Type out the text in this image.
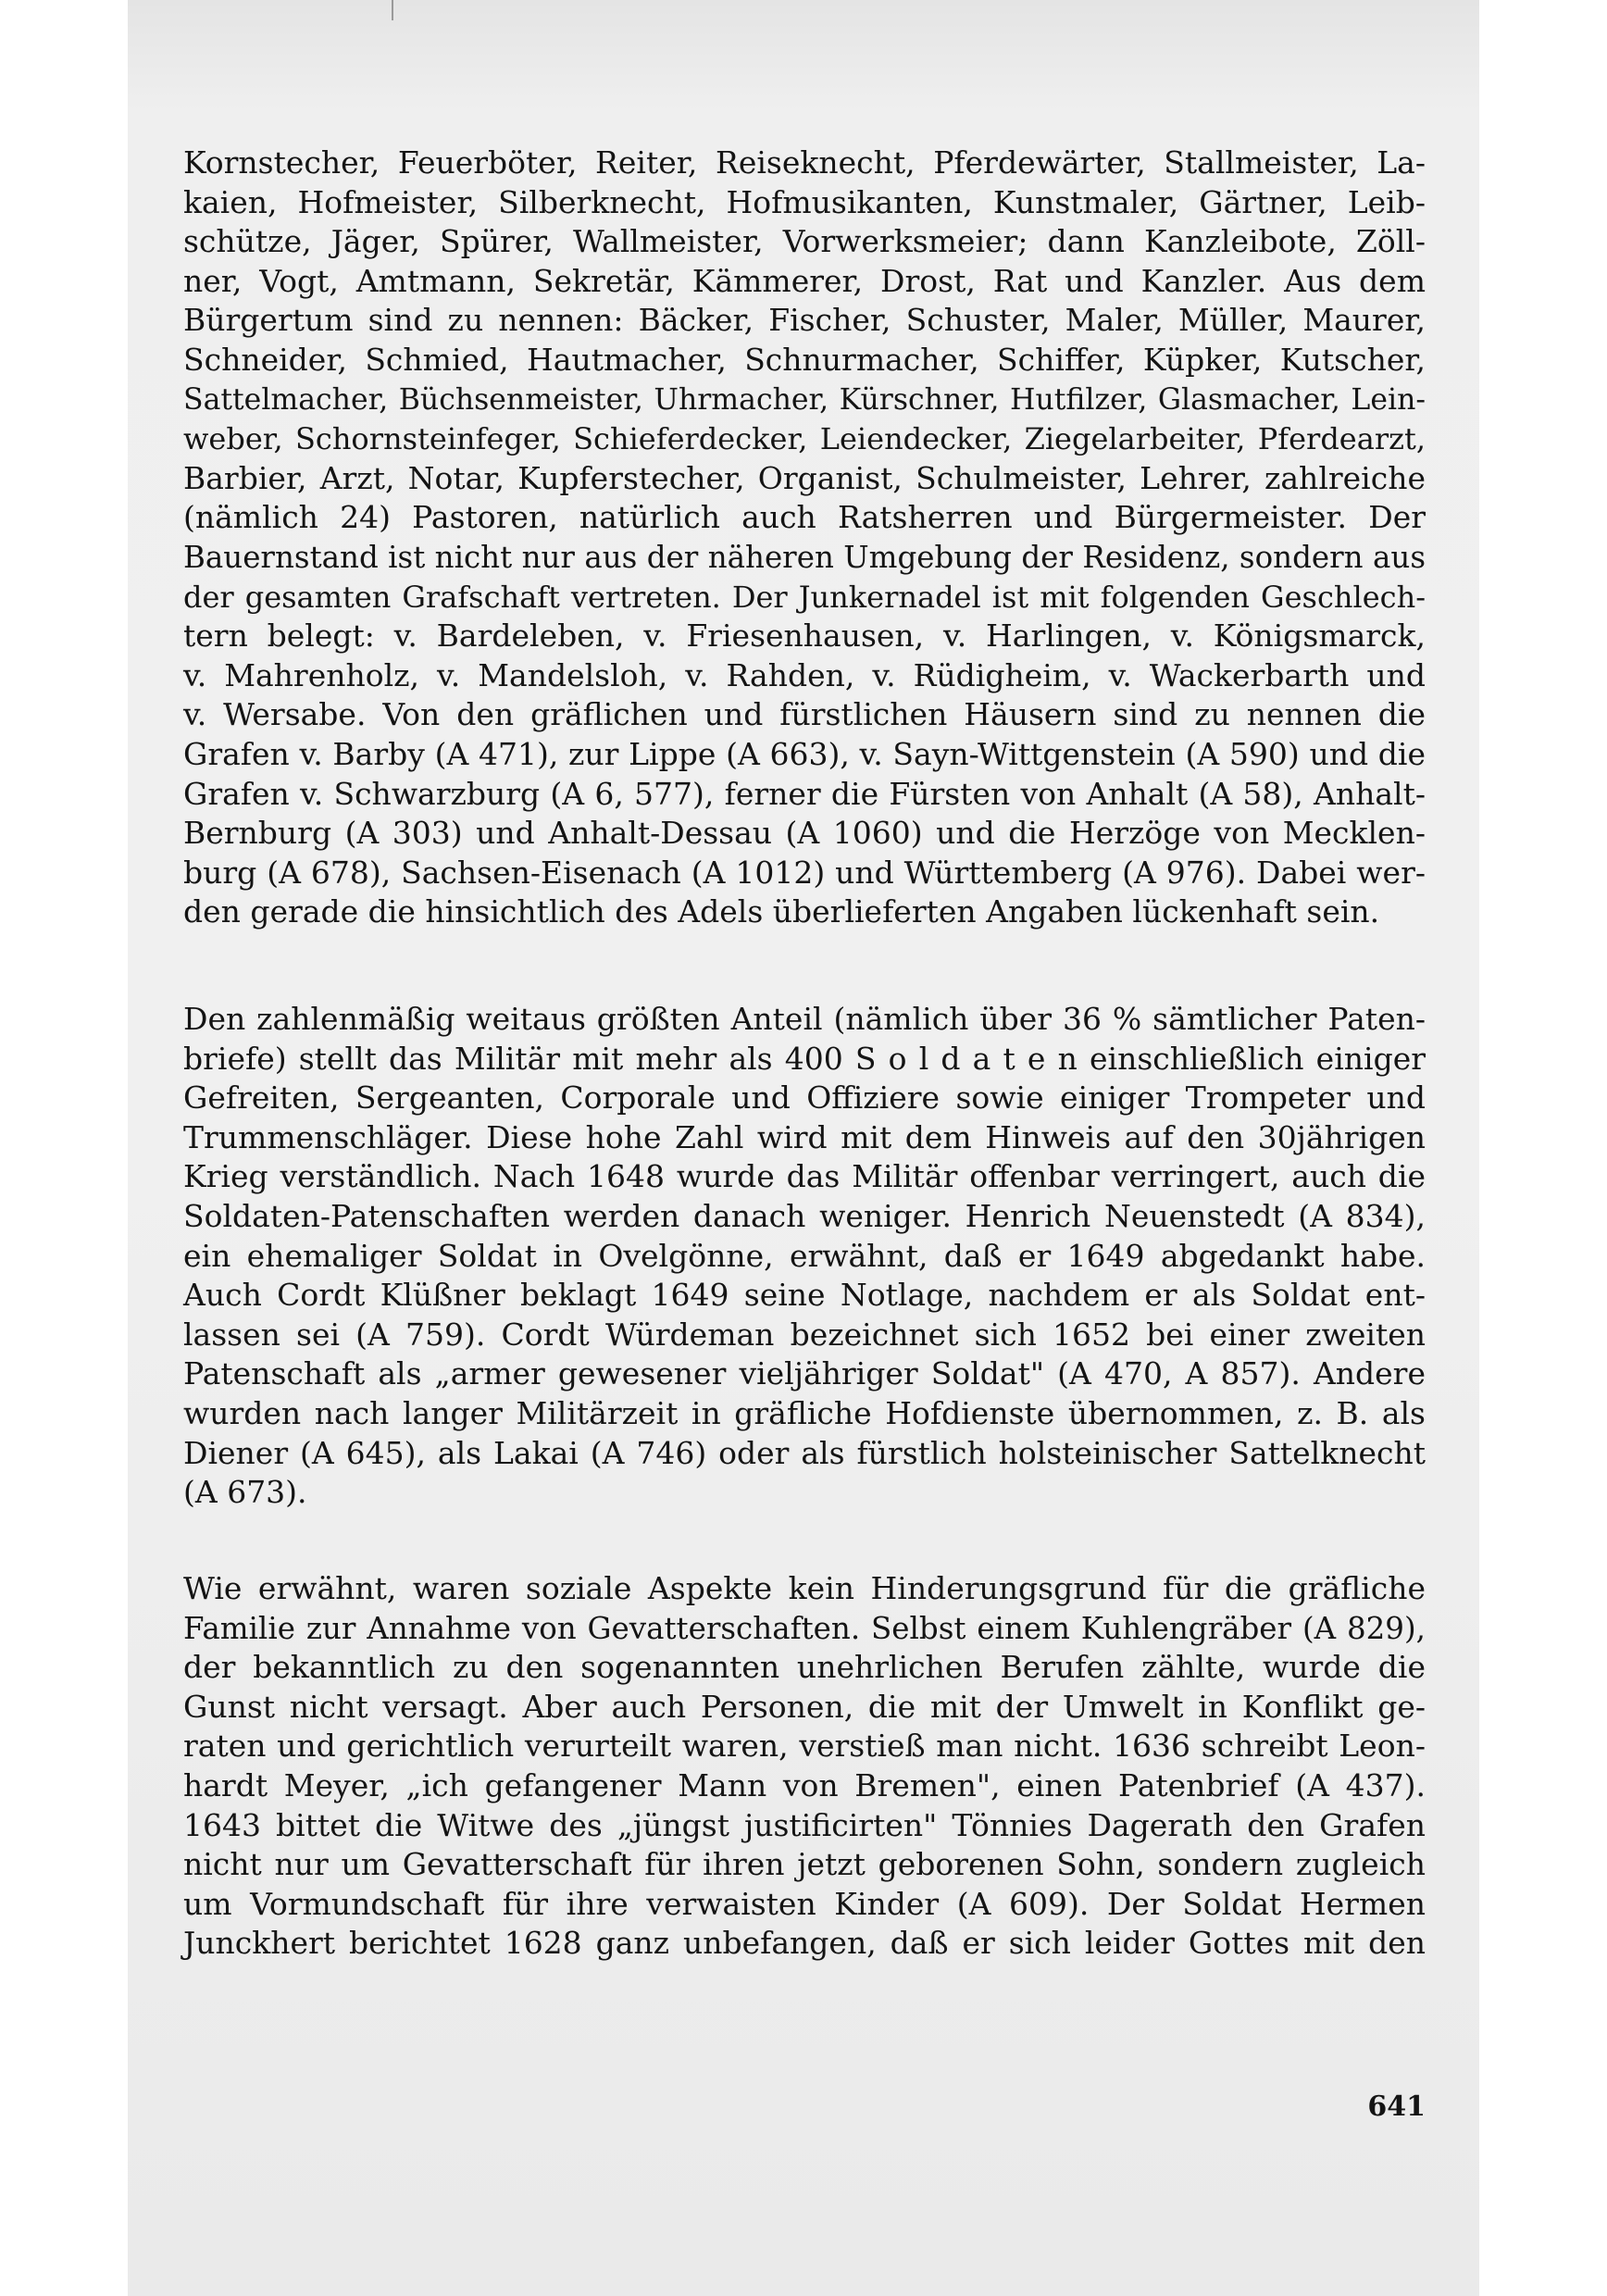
Kornstecher, Feuerböter, Reiter, Reiseknecht, Pferdewärter, Stallmeister, La-
kaien, Hofmeister, Silberknecht, Hofmusikanten, Kunstmaler, Gärtner, Leib-
schütze, Jäger, Spürer, Wallmeister, Vorwerksmeier; dann Kanzleibote, Zöll-
ner, Vogt, Amtmann, Sekretär, Kämmerer, Drost, Rat und Kanzler. Aus dem
Bürgertum sind zu nennen: Bäcker, Fischer, Schuster, Maler, Müller, Maurer,
Schneider, Schmied, Hautmacher, Schnurmacher, Schiffer, Küpker, Kutscher,
Sattelmacher, Büchsenmeister, Uhrmacher, Kürschner, Hutfilzer, Glasmacher, Lein-
weber, Schornsteinfeger, Schieferdecker, Leiendecker, Ziegelarbeiter, Pferdearzt,
Barbier, Arzt, Notar, Kupferstecher, Organist, Schulmeister, Lehrer, zahlreiche
(nämlich 24) Pastoren, natürlich auch Ratsherren und Bürgermeister. Der
Bauernstand ist nicht nur aus der näheren Umgebung der Residenz, sondern aus
der gesamten Grafschaft vertreten. Der Junkernadel ist mit folgenden Geschlech-
tern belegt: v. Bardeleben, v. Friesenhausen, v. Harlingen, v. Königsmarck,
v. Mahrenholz, v. Mandelsloh, v. Rahden, v. Rüdigheim, v. Wackerbarth und
v. Wersabe. Von den gräflichen und fürstlichen Häusern sind zu nennen die
Grafen v. Barby (A 471), zur Lippe (A 663), v. Sayn-Wittgenstein (A 590) und die
Grafen v. Schwarzburg (A 6, 577), ferner die Fürsten von Anhalt (A 58), Anhalt-
Bernburg (A 303) und Anhalt-Dessau (A 1060) und die Herzöge von Mecklen-
burg (A 678), Sachsen-Eisenach (A 1012) und Württemberg (A 976). Dabei wer-
den gerade die hinsichtlich des Adels überlieferten Angaben lückenhaft sein.
Den zahlenmäßig weitaus größten Anteil (nämlich über 36 % sämtlicher Paten-
briefe) stellt das Militär mit mehr als 400 S o l d a t e n einschließlich einiger
Gefreiten, Sergeanten, Corporale und Offiziere sowie einiger Trompeter und
Trummenschläger. Diese hohe Zahl wird mit dem Hinweis auf den 30jährigen
Krieg verständlich. Nach 1648 wurde das Militär offenbar verringert, auch die
Soldaten-Patenschaften werden danach weniger. Henrich Neuenstedt (A 834),
ein ehemaliger Soldat in Ovelgönne, erwähnt, daß er 1649 abgedankt habe.
Auch Cordt Klüßner beklagt 1649 seine Notlage, nachdem er als Soldat ent-
lassen sei (A 759). Cordt Würdeman bezeichnet sich 1652 bei einer zweiten
Patenschaft als „armer gewesener vieljähriger Soldat" (A 470, A 857). Andere
wurden nach langer Militärzeit in gräfliche Hofdienste übernommen, z. B. als
Diener (A 645), als Lakai (A 746) oder als fürstlich holsteinischer Sattelknecht
(A 673).
Wie erwähnt, waren soziale Aspekte kein Hinderungsgrund für die gräfliche
Familie zur Annahme von Gevatterschaften. Selbst einem Kuhlengräber (A 829),
der bekanntlich zu den sogenannten unehrlichen Berufen zählte, wurde die
Gunst nicht versagt. Aber auch Personen, die mit der Umwelt in Konflikt ge-
raten und gerichtlich verurteilt waren, verstieß man nicht. 1636 schreibt Leon-
hardt Meyer, „ich gefangener Mann von Bremen", einen Patenbrief (A 437).
1643 bittet die Witwe des „jüngst justificirten" Tönnies Dagerath den Grafen
nicht nur um Gevatterschaft für ihren jetzt geborenen Sohn, sondern zugleich
um Vormundschaft für ihre verwaisten Kinder (A 609). Der Soldat Hermen
Junckhert berichtet 1628 ganz unbefangen, daß er sich leider Gottes mit den
641
